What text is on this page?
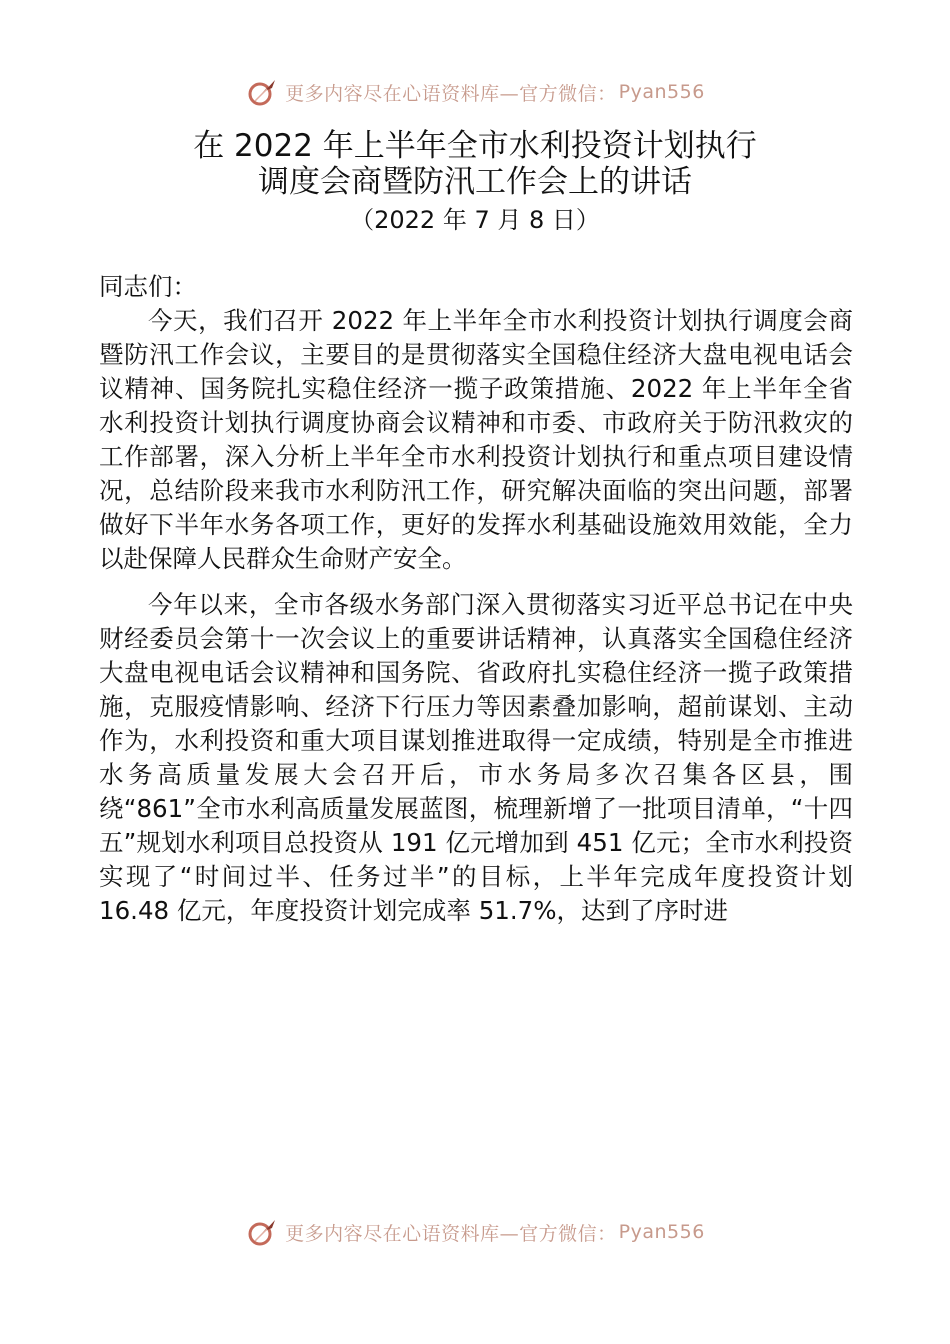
更多内容尽在心语资料库—官方微信： Pyan556
在 2022 年上半年全市水利投资计划执行
调度会商暨防汛工作会上的讲话
（2022 年 7 月 8 日）
同志们：

今天，我们召开 2022 年上半年全市水利投资计划执行调度会商暨防汛工作会议，主要目的是贯彻落实全国稳住经济大盘电视电话会议精神、国务院扎实稳住经济一揽子政策措施、2022 年上半年全省水利投资计划执行调度协商会议精神和市委、市政府关于防汛救灾的工作部署，深入分析上半年全市水利投资计划执行和重点项目建设情况，总结阶段来我市水利防汛工作，研究解决面临的突出问题，部署做好下半年水务各项工作，更好的发挥水利基础设施效用效能，全力以赴保障人民群众生命财产安全。

今年以来，全市各级水务部门深入贯彻落实习近平总书记在中央财经委员会第十一次会议上的重要讲话精神，认真落实全国稳住经济大盘电视电话会议精神和国务院、省政府扎实稳住经济一揽子政策措施，克服疫情影响、经济下行压力等因素叠加影响，超前谋划、主动作为，水利投资和重大项目谋划推进取得一定成绩，特别是全市推进水务高质量发展大会召开后，市水务局多次召集各区县，围绕“861”全市水利高质量发展蓝图，梳理新增了一批项目清单，“十四五”规划水利项目总投资从 191 亿元增加到 451 亿元；全市水利投资实现了“时间过半、任务过半”的目标，上半年完成年度投资计划 16.48 亿元，年度投资计划完成率 51.7%，达到了序时进

更多内容尽在心语资料库—官方微信： Pyan556
